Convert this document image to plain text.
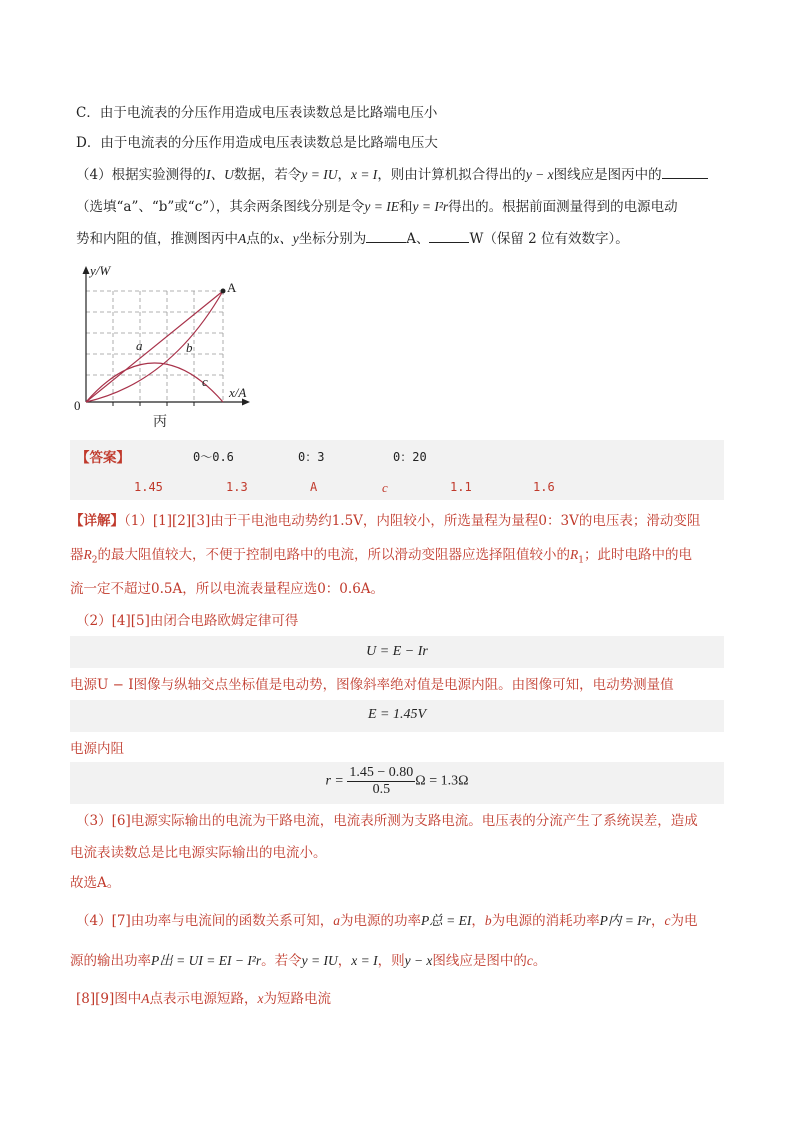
C．由于电流表的分压作用造成电压表读数总是比路端电压小
D．由于电流表的分压作用造成电压表读数总是比路端电压大
（4）根据实验测得的I、U数据，若令y = IU，x = I，则由计算机拟合得出的y − x图线应是图丙中的
（选填“a”、“b”或“c”），其余两条图线分别是令y = IE和y = I²r得出的。根据前面测量得到的电源电动
势和内阻的值，推测图丙中A点的x、y坐标分别为	A、	W（保留 2 位有效数字）。
y/W
x/A
0
A
a	b
c
丙
【答案】	0～0.6	0：3	0：20
1.45	1.3	A	c	1.1	1.6
【详解】（1）[1][2][3]由于干电池电动势约1.5V，内阻较小，所选量程为量程0：3V的电压表；滑动变阻
器$R_2$的最大阻值较大，不便于控制电路中的电流，所以滑动变阻器应选择阻值较小的$R_1$；此时电路中的电
流一定不超过0.5A，所以电流表量程应选0：0.6A。
（2）[4][5]由闭合电路欧姆定律可得
U = E − Ir
电源U − I图像与纵轴交点坐标值是电动势，图像斜率绝对值是电源内阻。由图像可知，电动势测量值
E = 1.45V
电源内阻
$r = \frac{1.45 - 0.80}{0.5}$ Ω = 1.3Ω
（3）[6]电源实际输出的电流为干路电流，电流表所测为支路电流。电压表的分流产生了系统误差，造成
电流表读数总是比电源实际输出的电流小。
故选A。
（4）[7]由功率与电流间的函数关系可知，a为电源的功率P总 = EI，b为电源的消耗功率P内 = I²r，c为电
源的输出功率P出 = UI = EI − I²r。若令y = IU，x = I，则y − x图线应是图中的c。
[8][9]图中A点表示电源短路，x为短路电流
